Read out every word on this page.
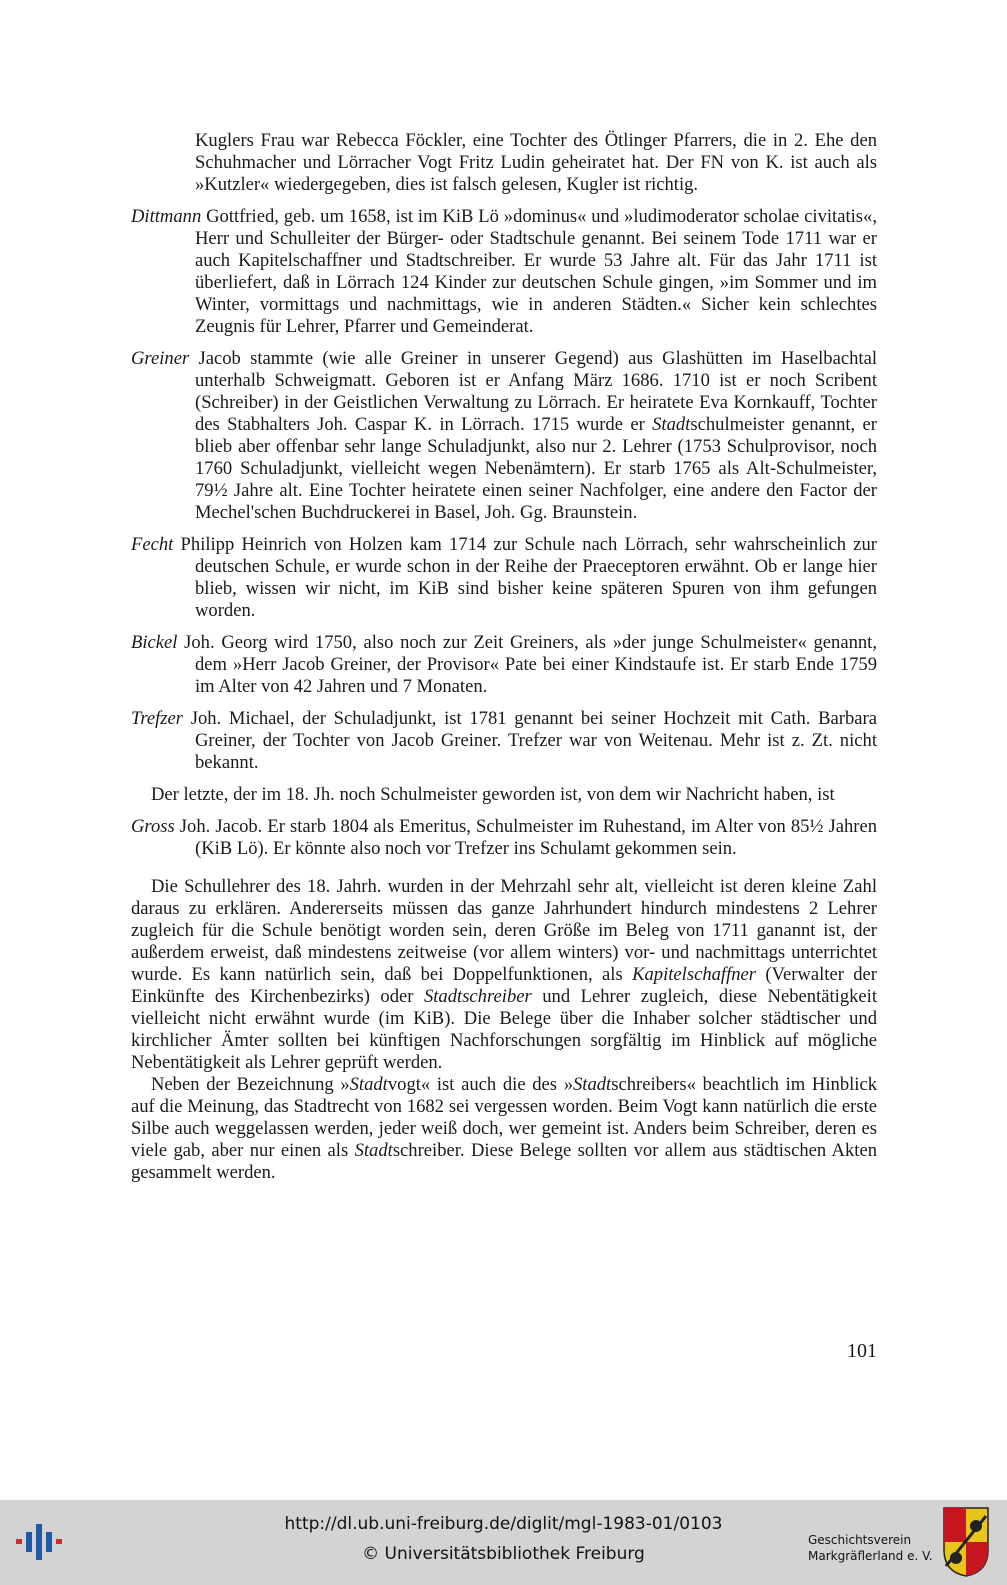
Kuglers Frau war Rebecca Föckler, eine Tochter des Ötlinger Pfarrers, die in 2. Ehe den Schuhmacher und Lörracher Vogt Fritz Ludin geheiratet hat. Der FN von K. ist auch als »Kutzler« wiedergegeben, dies ist falsch gelesen, Kugler ist richtig.

Dittmann Gottfried, geb. um 1658, ist im KiB Lö »dominus« und »ludimoderator scholae civitatis«, Herr und Schulleiter der Bürger- oder Stadtschule genannt. Bei seinem Tode 1711 war er auch Kapitelschaffner und Stadtschreiber. Er wurde 53 Jahre alt. Für das Jahr 1711 ist überliefert, daß in Lörrach 124 Kinder zur deutschen Schule gingen, »im Sommer und im Winter, vormittags und nachmittags, wie in anderen Städten.« Sicher kein schlechtes Zeugnis für Lehrer, Pfarrer und Gemeinderat.

Greiner Jacob stammte (wie alle Greiner in unserer Gegend) aus Glashütten im Haselbachtal unterhalb Schweigmatt. Geboren ist er Anfang März 1686. 1710 ist er noch Scribent (Schreiber) in der Geistlichen Verwaltung zu Lörrach. Er heiratete Eva Kornkauff, Tochter des Stabhalters Joh. Caspar K. in Lörrach. 1715 wurde er Stadtschulmeister genannt, er blieb aber offenbar sehr lange Schuladjunkt, also nur 2. Lehrer (1753 Schulprovisor, noch 1760 Schuladjunkt, vielleicht wegen Nebenämtern). Er starb 1765 als Alt-Schulmeister, 79½ Jahre alt. Eine Tochter heiratete einen seiner Nachfolger, eine andere den Factor der Mechel'schen Buchdruckerei in Basel, Joh. Gg. Braunstein.

Fecht Philipp Heinrich von Holzen kam 1714 zur Schule nach Lörrach, sehr wahrscheinlich zur deutschen Schule, er wurde schon in der Reihe der Praeceptoren erwähnt. Ob er lange hier blieb, wissen wir nicht, im KiB sind bisher keine späteren Spuren von ihm gefungen worden.

Bickel Joh. Georg wird 1750, also noch zur Zeit Greiners, als »der junge Schulmeister« genannt, dem »Herr Jacob Greiner, der Provisor« Pate bei einer Kindstaufe ist. Er starb Ende 1759 im Alter von 42 Jahren und 7 Monaten.

Trefzer Joh. Michael, der Schuladjunkt, ist 1781 genannt bei seiner Hochzeit mit Cath. Barbara Greiner, der Tochter von Jacob Greiner. Trefzer war von Weitenau. Mehr ist z. Zt. nicht bekannt.

Der letzte, der im 18. Jh. noch Schulmeister geworden ist, von dem wir Nachricht haben, ist

Gross Joh. Jacob. Er starb 1804 als Emeritus, Schulmeister im Ruhestand, im Alter von 85½ Jahren (KiB Lö). Er könnte also noch vor Trefzer ins Schulamt gekommen sein.

Die Schullehrer des 18. Jahrh. wurden in der Mehrzahl sehr alt, vielleicht ist deren kleine Zahl daraus zu erklären. Andererseits müssen das ganze Jahrhundert hindurch mindestens 2 Lehrer zugleich für die Schule benötigt worden sein, deren Größe im Beleg von 1711 ganannt ist, der außerdem erweist, daß mindestens zeitweise (vor allem winters) vor- und nachmittags unterrichtet wurde. Es kann natürlich sein, daß bei Doppelfunktionen, als Kapitelschaffner (Verwalter der Einkünfte des Kirchenbezirks) oder Stadtschreiber und Lehrer zugleich, diese Nebentätigkeit vielleicht nicht erwähnt wurde (im KiB). Die Belege über die Inhaber solcher städtischer und kirchlicher Ämter sollten bei künftigen Nachforschungen sorgfältig im Hinblick auf mögliche Nebentätigkeit als Lehrer geprüft werden.

Neben der Bezeichnung »Stadtvogt« ist auch die des »Stadtschreibers« beachtlich im Hinblick auf die Meinung, das Stadtrecht von 1682 sei vergessen worden. Beim Vogt kann natürlich die erste Silbe auch weggelassen werden, jeder weiß doch, wer gemeint ist. Anders beim Schreiber, deren es viele gab, aber nur einen als Stadtschreiber. Diese Belege sollten vor allem aus städtischen Akten gesammelt werden.

101
http://dl.ub.uni-freiburg.de/diglit/mgl-1983-01/0103
© Universitätsbibliothek Freiburg
Geschichtsverein
Markgräflerland e. V.
